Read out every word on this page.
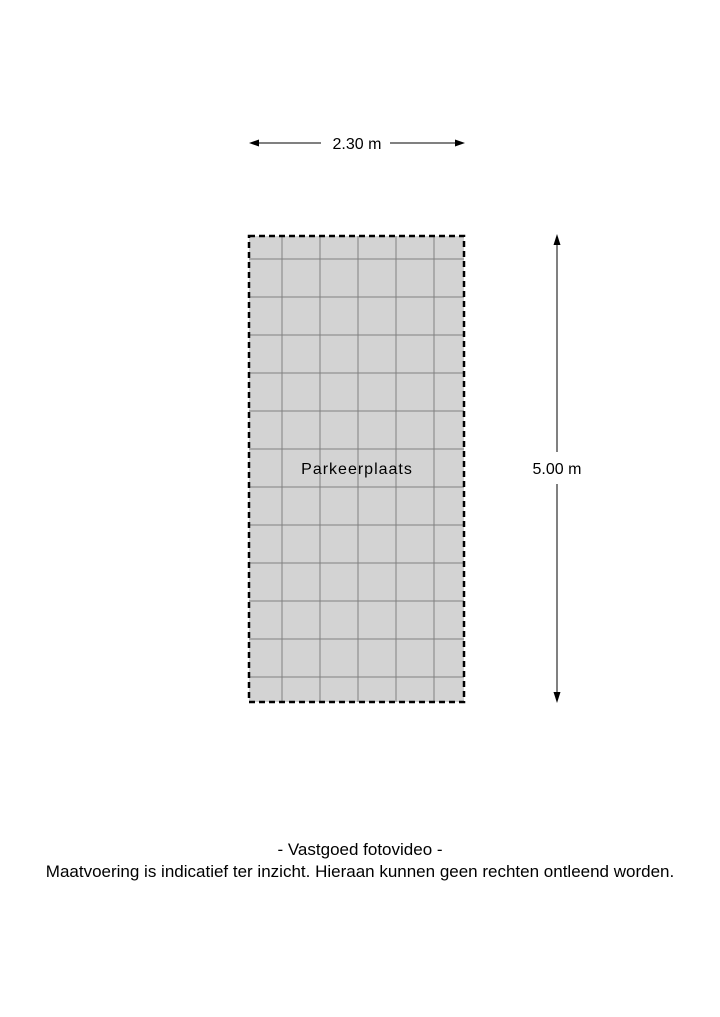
2.30 m
Parkeerplaats	5.00 m
- Vastgoed fotovideo -
Maatvoering is indicatief ter inzicht. Hieraan kunnen geen rechten ontleend worden.
